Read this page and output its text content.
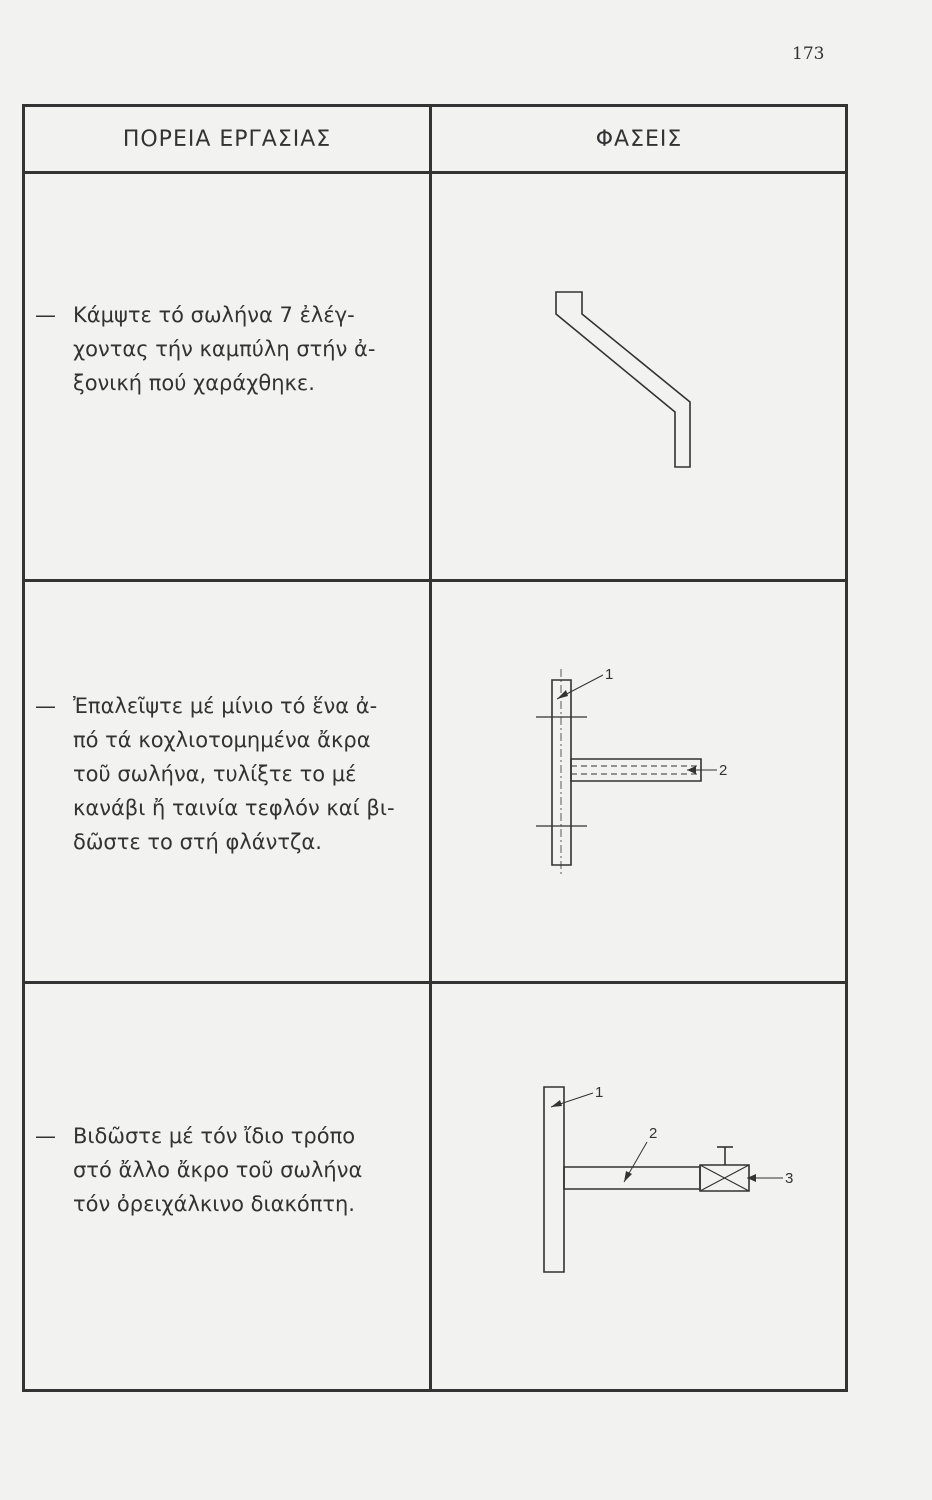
173
ΠΟΡΕΙΑ ΕΡΓΑΣΙΑΣ	ΦΑΣΕΙΣ
— Κάμψτε τό σωλήνα 7 ἐλέγ-
χοντας τήν καμπύλη στήν ἀ-
ξονική πού χαράχθηκε.
— Ἐπαλεῖψτε μέ μίνιο τό ἕνα ἀ-
πό τά κοχλιοτομημένα ἄκρα
τοῦ σωλήνα, τυλίξτε το μέ
κανάβι ἤ ταινία τεφλόν καί βι-
δῶστε το στή φλάντζα.
1
2
— Βιδῶστε μέ τόν ἴδιο τρόπο
στό ἄλλο ἄκρο τοῦ σωλήνα
τόν ὀρειχάλκινο διακόπτη.
1
2
3
